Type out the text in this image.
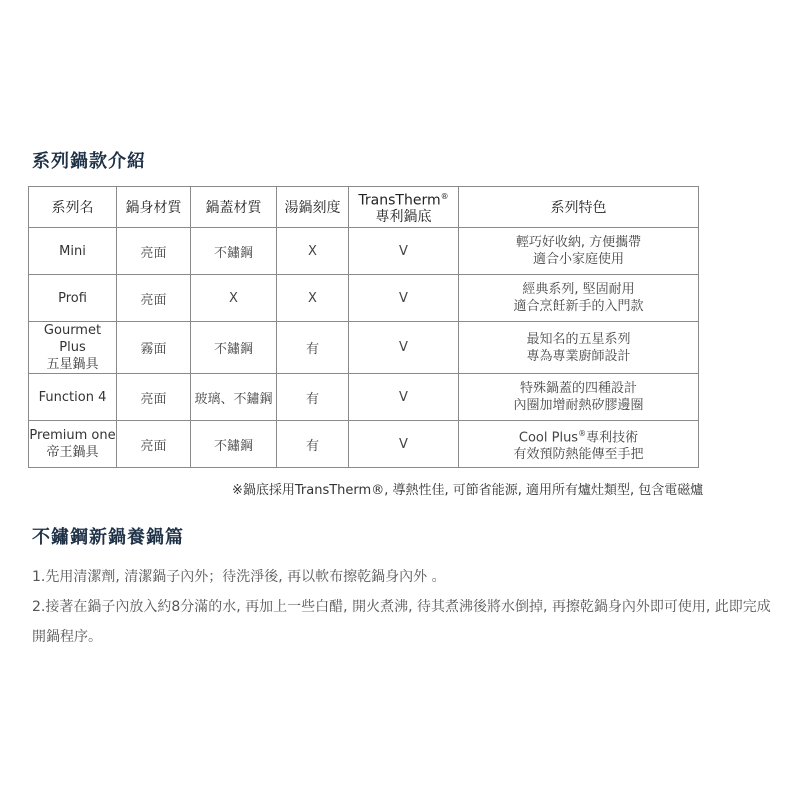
系列鍋款介紹
系列名	鍋身材質	鍋蓋材質	湯鍋刻度	TransTherm®
專利鍋底	系列特色

Mini	亮面	不鏽鋼	X	V	輕巧好收納, 方便攜帶
適合小家庭使用

Profi	亮面	X	X	V	經典系列, 堅固耐用
適合烹飪新手的入門款

Gourmet Plus
五星鍋具	霧面	不鏽鋼	有	V	最知名的五星系列
專為專業廚師設計

Function 4	亮面	玻璃、不鏽鋼	有	V	特殊鍋蓋的四種設計
內圈加增耐熱矽膠邊圈

Premium one
帝王鍋具	亮面	不鏽鋼	有	V	Cool Plus®專利技術
有效預防熱能傳至手把
※鍋底採用TransTherm®, 導熱性佳, 可節省能源, 適用所有爐灶類型, 包含電磁爐
不鏽鋼新鍋養鍋篇
1.先用清潔劑, 清潔鍋子內外；待洗淨後, 再以軟布擦乾鍋身內外 。
2.接著在鍋子內放入約8分滿的水, 再加上一些白醋, 開火煮沸, 待其煮沸後將水倒掉, 再擦乾鍋身內外即可使用, 此即完成開鍋程序。
